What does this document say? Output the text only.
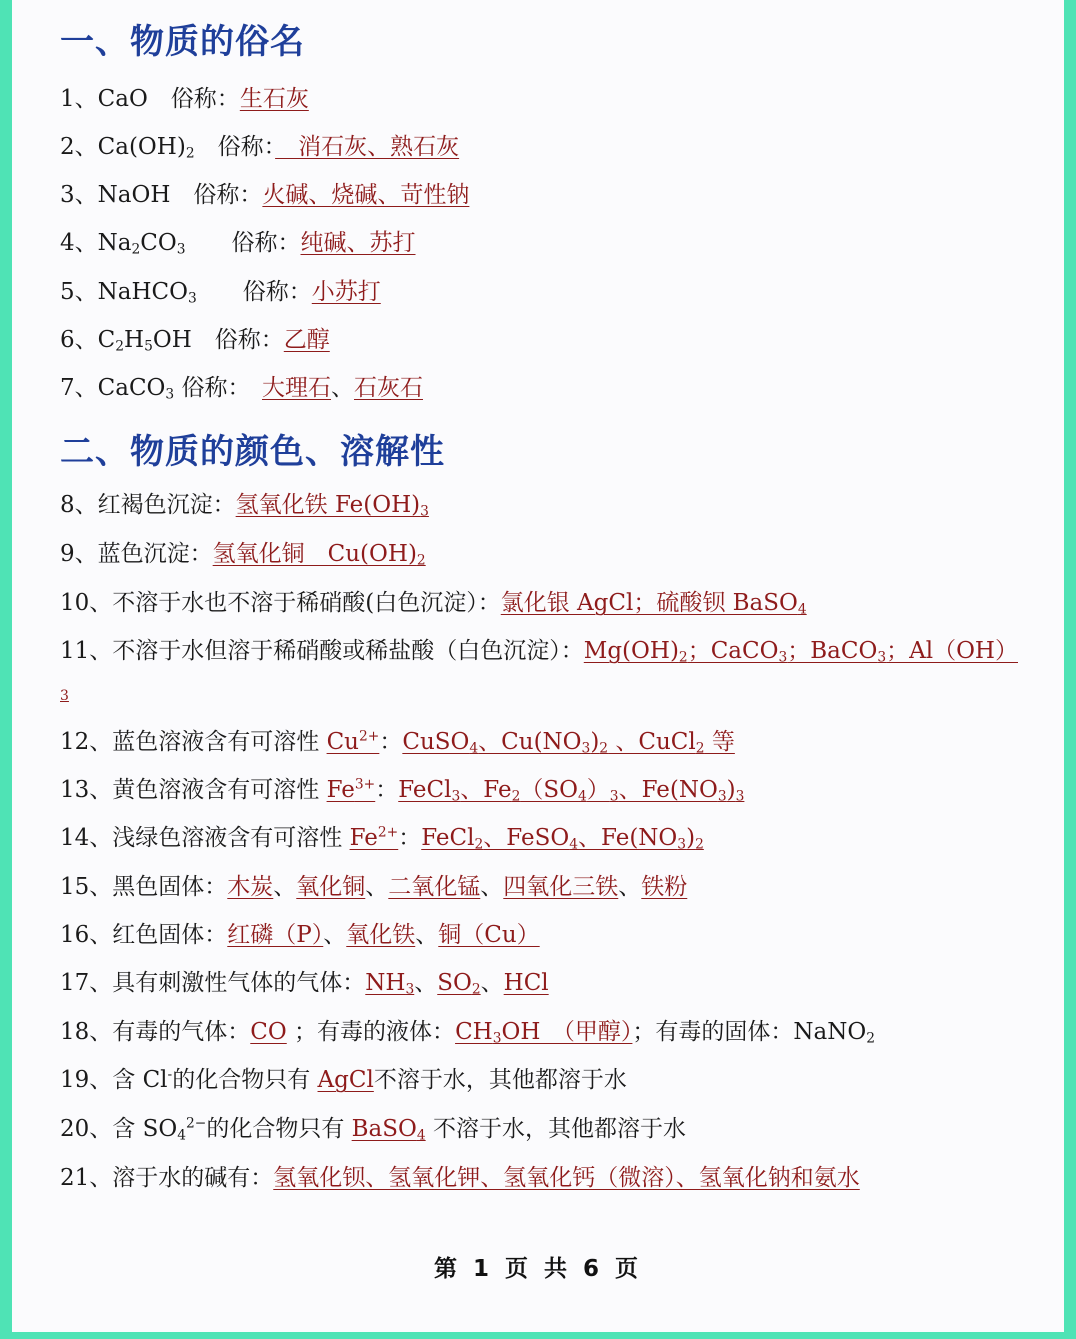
一、物质的俗名
1、CaO　俗称：生石灰
2、$Ca(OH)_2$　俗称：　消石灰、熟石灰
3、NaOH　俗称：火碱、烧碱、苛性钠
4、$Na_2CO_3$　　俗称：纯碱、苏打
5、NaHCO$_3$　　俗称：小苏打
6、$C_2H_5OH$　俗称：乙醇
7、CaCO$_3$ 俗称：　大理石、石灰石
二、物质的颜色、溶解性
8、红褐色沉淀：氢氧化铁 $Fe(OH)_3$
9、蓝色沉淀：氢氧化铜　$Cu(OH)_2$
10、不溶于水也不溶于稀硝酸(白色沉淀）：氯化银 AgCl；硫酸钡 BaSO$_4$
11、不溶于水但溶于稀硝酸或稀盐酸（白色沉淀）：$Mg(OH)_2$；CaCO$_3$；BaCO$_3$；Al（OH）
3
12、蓝色溶液含有可溶性 $Cu^{2+}$：CuSO$_4$、$Cu(NO_3)_2$ 、CuCl$_2$ 等
13、黄色溶液含有可溶性 $Fe^{3+}$：FeCl$_3$、$Fe_2(SO_4)_3$、$Fe(NO_3)_3$
14、浅绿色溶液含有可溶性 $Fe^{2+}$：FeCl$_2$、FeSO$_4$、$Fe(NO_3)_2$
15、黑色固体：木炭、氧化铜、二氧化锰、四氧化三铁、铁粉
16、红色固体：红磷（P）、氧化铁、铜（Cu）
17、具有刺激性气体的气体：$NH_3$、$SO_2$、HCl
18、有毒的气体：CO ；有毒的液体：$CH_3OH$　（甲醇）；有毒的固体：NaNO$_2$
19、含 Cl-的化合物只有 AgCl不溶于水，其他都溶于水
20、含 $SO_4^{2-}$的化合物只有 BaSO$_4$ 不溶于水，其他都溶于水
21、溶于水的碱有：氢氧化钡、氢氧化钾、氢氧化钙（微溶）、氢氧化钠和氨水
第 1 页 共 6 页
